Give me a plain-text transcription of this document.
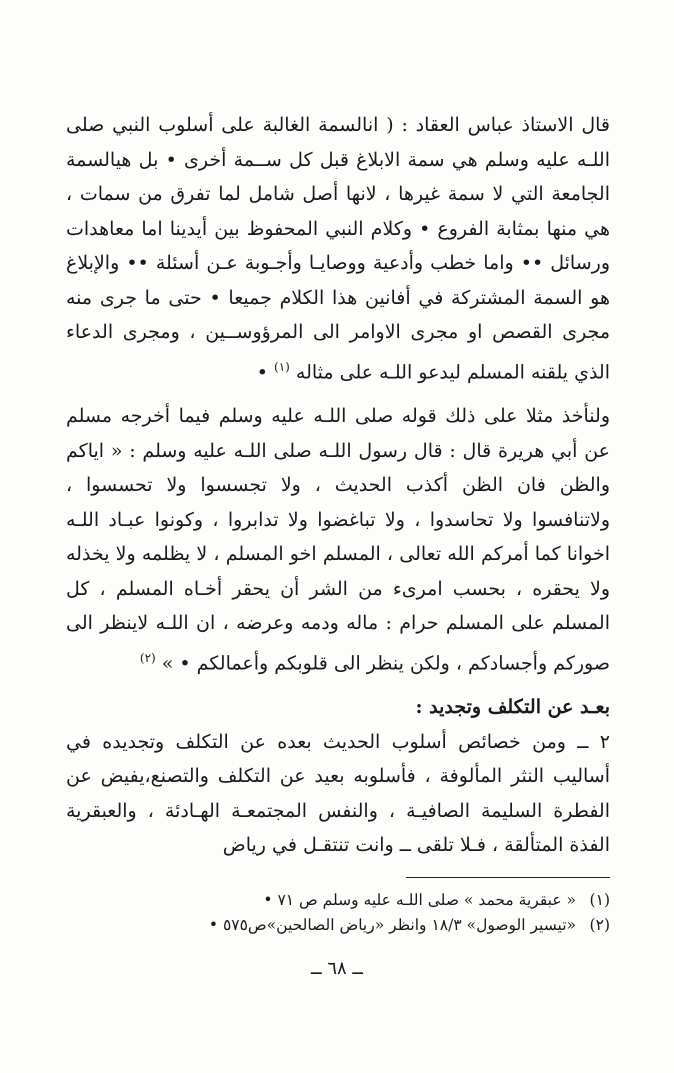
قال الاستاذ عباس العقاد : ( انالسمة الغالبة على أسلوب النبي صلى اللـه عليه وسلم هي سمة الابلاغ قبل كل ســمة أخرى • بل هيالسمة الجامعة التي لا سمة غيرها ، لانها أصل شامل لما تفرق من سمات ، هي منها بمثابة الفروع • وكلام النبي المحفوظ بين أيدينا اما معاهدات ورسائل •• واما خطب وأدعية ووصايـا وأجـوبة عـن أسئلة •• والإبلاغ هو السمة المشتركة في أفانين هذا الكلام جميعا • حتى ما جرى منه مجرى القصص او مجرى الاوامر الى المرؤوســين ، ومجرى الدعاء الذي يلقنه المسلم ليدعو اللـه على مثاله $^{(١)}$ •

ولنأخذ مثلا على ذلك قوله صلى اللـه عليه وسلم فيما أخرجه مسلم عن أبي هريرة قال : قال رسول اللـه صلى اللـه عليه وسلم : « اياكم والظن فان الظن أكذب الحديث ، ولا تجسسوا ولا تحسسوا ، ولاتنافسوا ولا تحاسدوا ، ولا تباغضوا ولا تدابروا ، وكونوا عبـاد اللـه اخوانا كما أمركم الله تعالى ، المسلم اخو المسلم ، لا يظلمه ولا يخذله ولا يحقره ، بحسب امرىء من الشر أن يحقر أخـاه المسلم ، كل المسلم على المسلم حرام : ماله ودمه وعرضه ، ان اللـه لاينظر الى صوركم وأجسادكم ، ولكن ينظر الى قلوبكم وأعمالكم • » $^{(٢)}$

بعـد عن التكلف وتجديد :

٢ ــ ومن خصائص أسلوب الحديث بعده عن التكلف وتجديده في أساليب النثر المألوفة ، فأسلوبه بعيد عن التكلف والتصنع،يفيض عن الفطرة السليمة الصافيـة ، والنفس المجتمعـة الهـادئة ، والعبقرية الفذة المتألقة ، فـلا تلقى ــ وانت تنتقـل في رياض

(١)« عبقرية محمد » صلى اللـه عليه وسلم ص ٧١ •

(٢)«تيسير الوصول» ١٨/٣ وانظر «رياض الصالحين»ص٥٧٥ •

ــ ٦٨ ــ
